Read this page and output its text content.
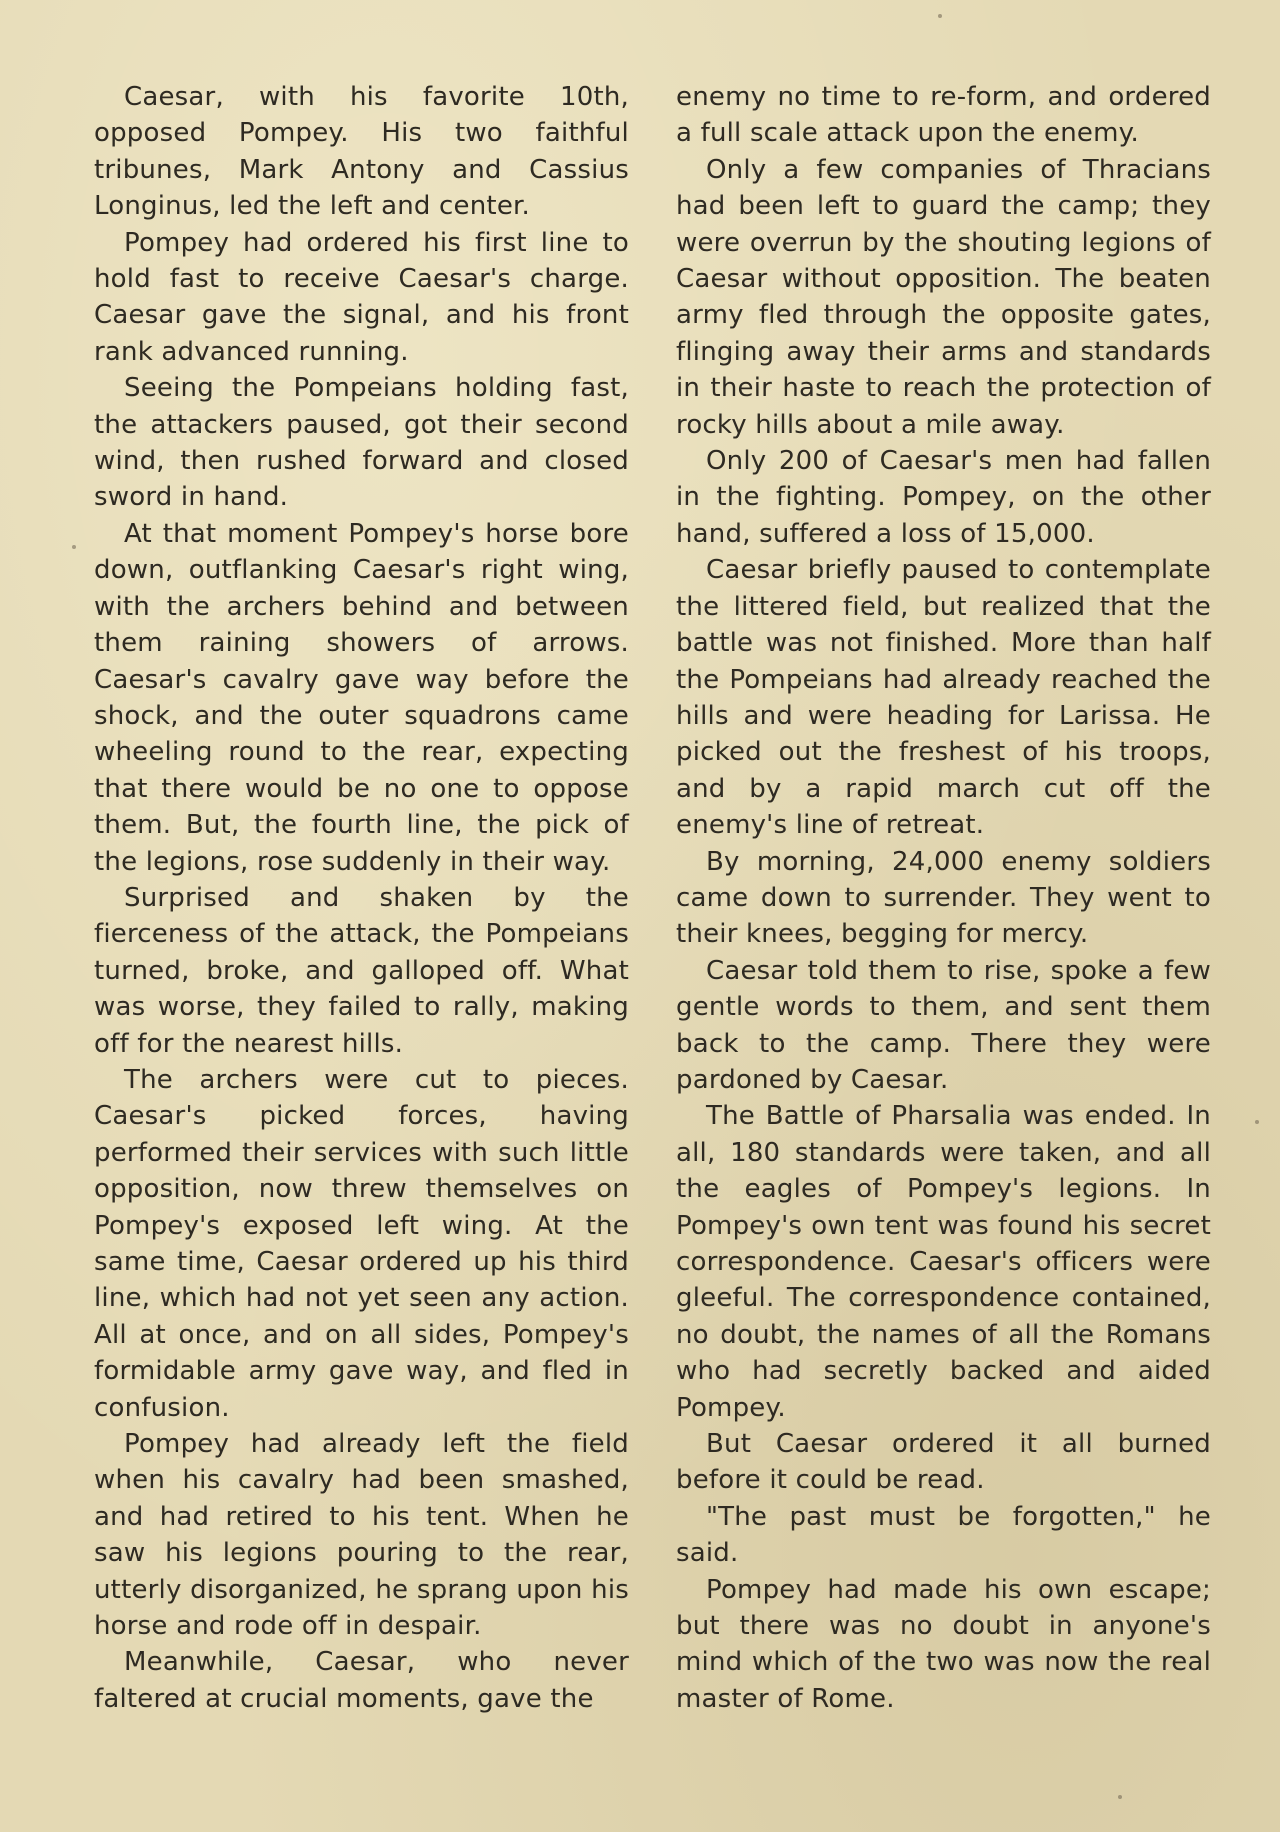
Caesar, with his favorite 10th, opposed Pompey. His two faithful tribunes, Mark Antony and Cassius Longinus, led the left and center.

Pompey had ordered his first line to hold fast to receive Caesar's charge. Caesar gave the signal, and his front rank advanced running.

Seeing the Pompeians holding fast, the attackers paused, got their second wind, then rushed forward and closed sword in hand.

At that moment Pompey's horse bore down, outflanking Caesar's right wing, with the archers behind and between them raining showers of arrows. Caesar's cavalry gave way before the shock, and the outer squadrons came wheeling round to the rear, expecting that there would be no one to oppose them. But, the fourth line, the pick of the legions, rose suddenly in their way.

Surprised and shaken by the fierceness of the attack, the Pompeians turned, broke, and galloped off. What was worse, they failed to rally, making off for the nearest hills.

The archers were cut to pieces. Caesar's picked forces, having performed their services with such little opposition, now threw themselves on Pompey's exposed left wing. At the same time, Caesar ordered up his third line, which had not yet seen any action. All at once, and on all sides, Pompey's formidable army gave way, and fled in confusion.

Pompey had already left the field when his cavalry had been smashed, and had retired to his tent. When he saw his legions pouring to the rear, utterly disorganized, he sprang upon his horse and rode off in despair.

Meanwhile, Caesar, who never faltered at crucial moments, gave the

enemy no time to re-form, and ordered a full scale attack upon the enemy.

Only a few companies of Thracians had been left to guard the camp; they were overrun by the shouting legions of Caesar without opposition. The beaten army fled through the opposite gates, flinging away their arms and standards in their haste to reach the protection of rocky hills about a mile away.

Only 200 of Caesar's men had fallen in the fighting. Pompey, on the other hand, suffered a loss of 15,000.

Caesar briefly paused to contemplate the littered field, but realized that the battle was not finished. More than half the Pompeians had already reached the hills and were heading for Larissa. He picked out the freshest of his troops, and by a rapid march cut off the enemy's line of retreat.

By morning, 24,000 enemy soldiers came down to surrender. They went to their knees, begging for mercy.

Caesar told them to rise, spoke a few gentle words to them, and sent them back to the camp. There they were pardoned by Caesar.

The Battle of Pharsalia was ended. In all, 180 standards were taken, and all the eagles of Pompey's legions. In Pompey's own tent was found his secret correspondence. Caesar's officers were gleeful. The correspondence contained, no doubt, the names of all the Romans who had secretly backed and aided Pompey.

But Caesar ordered it all burned before it could be read.

"The past must be forgotten," he said.

Pompey had made his own escape; but there was no doubt in anyone's mind which of the two was now the real master of Rome.
